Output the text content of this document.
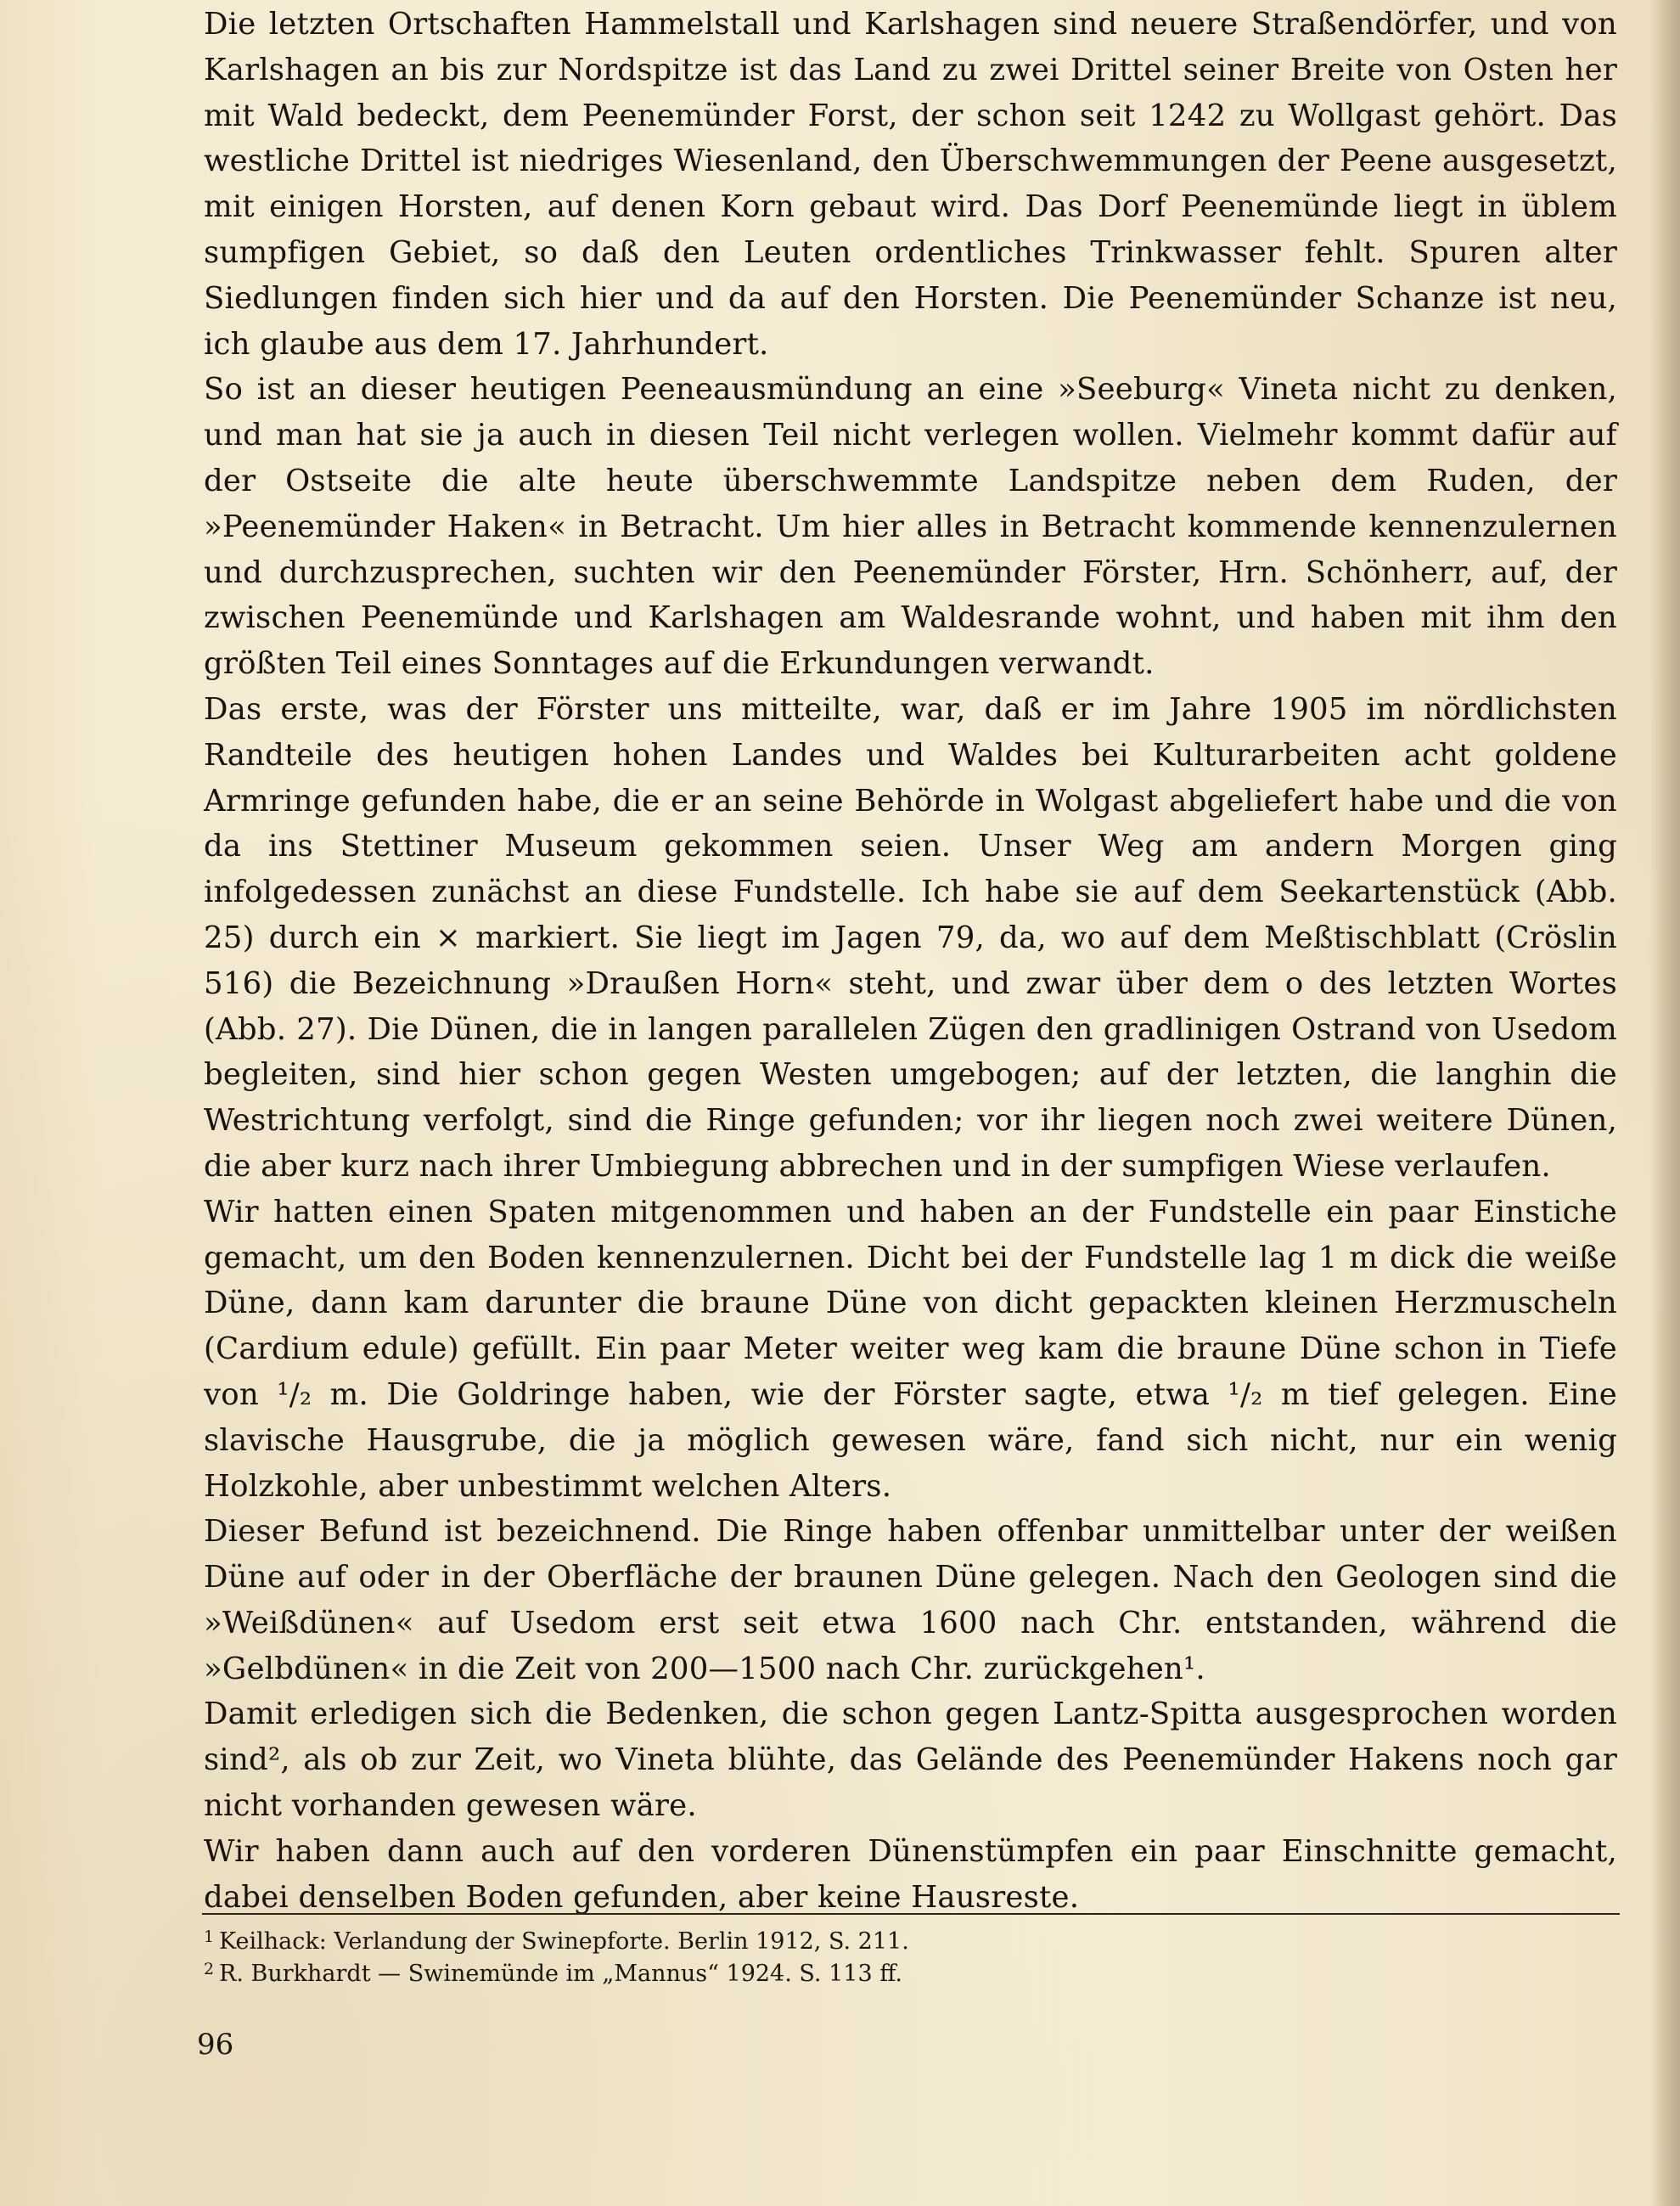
Die letzten Ortschaften Hammelstall und Karlshagen sind neuere Straßendörfer, und von Karlshagen an bis zur Nordspitze ist das Land zu zwei Drittel seiner Breite von Osten her mit Wald bedeckt, dem Peenemünder Forst, der schon seit 1242 zu Wollgast gehört. Das westliche Drittel ist niedriges Wiesenland, den Überschwemmungen der Peene ausgesetzt, mit einigen Horsten, auf denen Korn gebaut wird. Das Dorf Peenemünde liegt in üblem sumpfigen Gebiet, so daß den Leuten ordentliches Trinkwasser fehlt. Spuren alter Siedlungen finden sich hier und da auf den Horsten. Die Peenemünder Schanze ist neu, ich glaube aus dem 17. Jahrhundert.

So ist an dieser heutigen Peeneausmündung an eine »Seeburg« Vineta nicht zu denken, und man hat sie ja auch in diesen Teil nicht verlegen wollen. Vielmehr kommt dafür auf der Ostseite die alte heute überschwemmte Landspitze neben dem Ruden, der »Peenemünder Haken« in Betracht. Um hier alles in Betracht kommende kennenzulernen und durchzusprechen, suchten wir den Peenemünder Förster, Hrn. Schönherr, auf, der zwischen Peenemünde und Karlshagen am Waldesrande wohnt, und haben mit ihm den größten Teil eines Sonntages auf die Erkundungen verwandt.

Das erste, was der Förster uns mitteilte, war, daß er im Jahre 1905 im nördlichsten Randteile des heutigen hohen Landes und Waldes bei Kulturarbeiten acht goldene Armringe gefunden habe, die er an seine Behörde in Wolgast abgeliefert habe und die von da ins Stettiner Museum gekommen seien. Unser Weg am andern Morgen ging infolgedessen zunächst an diese Fundstelle. Ich habe sie auf dem Seekartenstück (Abb. 25) durch ein × markiert. Sie liegt im Jagen 79, da, wo auf dem Meßtischblatt (Cröslin 516) die Bezeichnung »Draußen Horn« steht, und zwar über dem o des letzten Wortes (Abb. 27). Die Dünen, die in langen parallelen Zügen den gradlinigen Ostrand von Usedom begleiten, sind hier schon gegen Westen umgebogen; auf der letzten, die langhin die Westrichtung verfolgt, sind die Ringe gefunden; vor ihr liegen noch zwei weitere Dünen, die aber kurz nach ihrer Umbiegung abbrechen und in der sumpfigen Wiese verlaufen.

Wir hatten einen Spaten mitgenommen und haben an der Fundstelle ein paar Einstiche gemacht, um den Boden kennenzulernen. Dicht bei der Fundstelle lag 1 m dick die weiße Düne, dann kam darunter die braune Düne von dicht gepackten kleinen Herzmuscheln (Cardium edule) gefüllt. Ein paar Meter weiter weg kam die braune Düne schon in Tiefe von ¹/₂ m. Die Goldringe haben, wie der Förster sagte, etwa ¹/₂ m tief gelegen. Eine slavische Hausgrube, die ja möglich gewesen wäre, fand sich nicht, nur ein wenig Holzkohle, aber unbestimmt welchen Alters.

Dieser Befund ist bezeichnend. Die Ringe haben offenbar unmittelbar unter der weißen Düne auf oder in der Oberfläche der braunen Düne gelegen. Nach den Geologen sind die »Weißdünen« auf Usedom erst seit etwa 1600 nach Chr. entstanden, während die »Gelbdünen« in die Zeit von 200—1500 nach Chr. zurückgehen¹.

Damit erledigen sich die Bedenken, die schon gegen Lantz-Spitta ausgesprochen worden sind², als ob zur Zeit, wo Vineta blühte, das Gelände des Peenemünder Hakens noch gar nicht vorhanden gewesen wäre.

Wir haben dann auch auf den vorderen Dünenstümpfen ein paar Einschnitte gemacht, dabei denselben Boden gefunden, aber keine Hausreste.

$^1$ Keilhack: Verlandung der Swinepforte. Berlin 1912, S. 211.

$^2$ R. Burkhardt — Swinemünde im „Mannus“ 1924. S. 113 ff.

96
